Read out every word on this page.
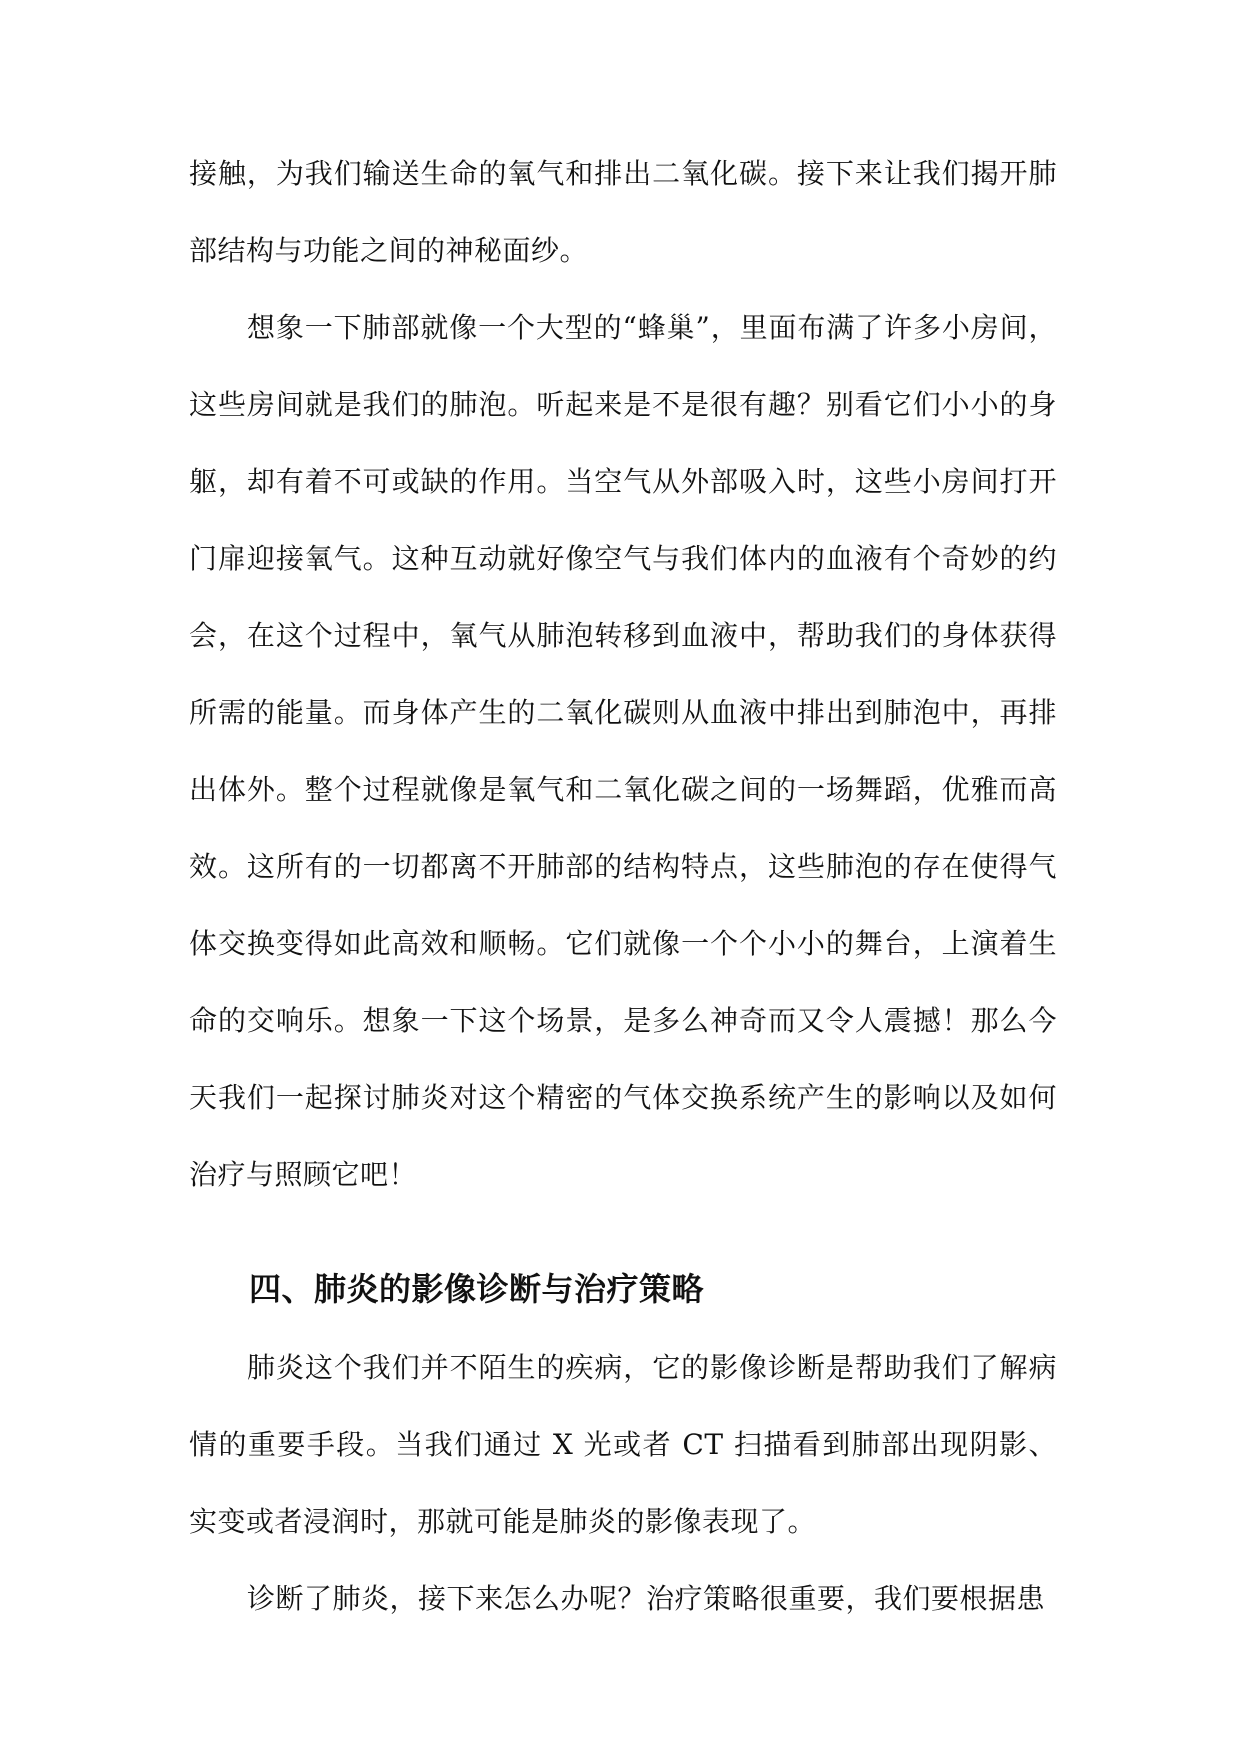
接触，为我们输送生命的氧气和排出二氧化碳。接下来让我们揭开肺部结构与功能之间的神秘面纱。

想象一下肺部就像一个大型的“蜂巢”，里面布满了许多小房间，这些房间就是我们的肺泡。听起来是不是很有趣？别看它们小小的身躯，却有着不可或缺的作用。当空气从外部吸入时，这些小房间打开门扉迎接氧气。这种互动就好像空气与我们体内的血液有个奇妙的约会，在这个过程中，氧气从肺泡转移到血液中，帮助我们的身体获得所需的能量。而身体产生的二氧化碳则从血液中排出到肺泡中，再排出体外。整个过程就像是氧气和二氧化碳之间的一场舞蹈，优雅而高效。这所有的一切都离不开肺部的结构特点，这些肺泡的存在使得气体交换变得如此高效和顺畅。它们就像一个个小小的舞台，上演着生命的交响乐。想象一下这个场景，是多么神奇而又令人震撼！那么今天我们一起探讨肺炎对这个精密的气体交换系统产生的影响以及如何治疗与照顾它吧！

四、肺炎的影像诊断与治疗策略

肺炎这个我们并不陌生的疾病，它的影像诊断是帮助我们了解病情的重要手段。当我们通过 X 光或者 CT 扫描看到肺部出现阴影、实变或者浸润时，那就可能是肺炎的影像表现了。

诊断了肺炎，接下来怎么办呢？治疗策略很重要，我们要根据患
